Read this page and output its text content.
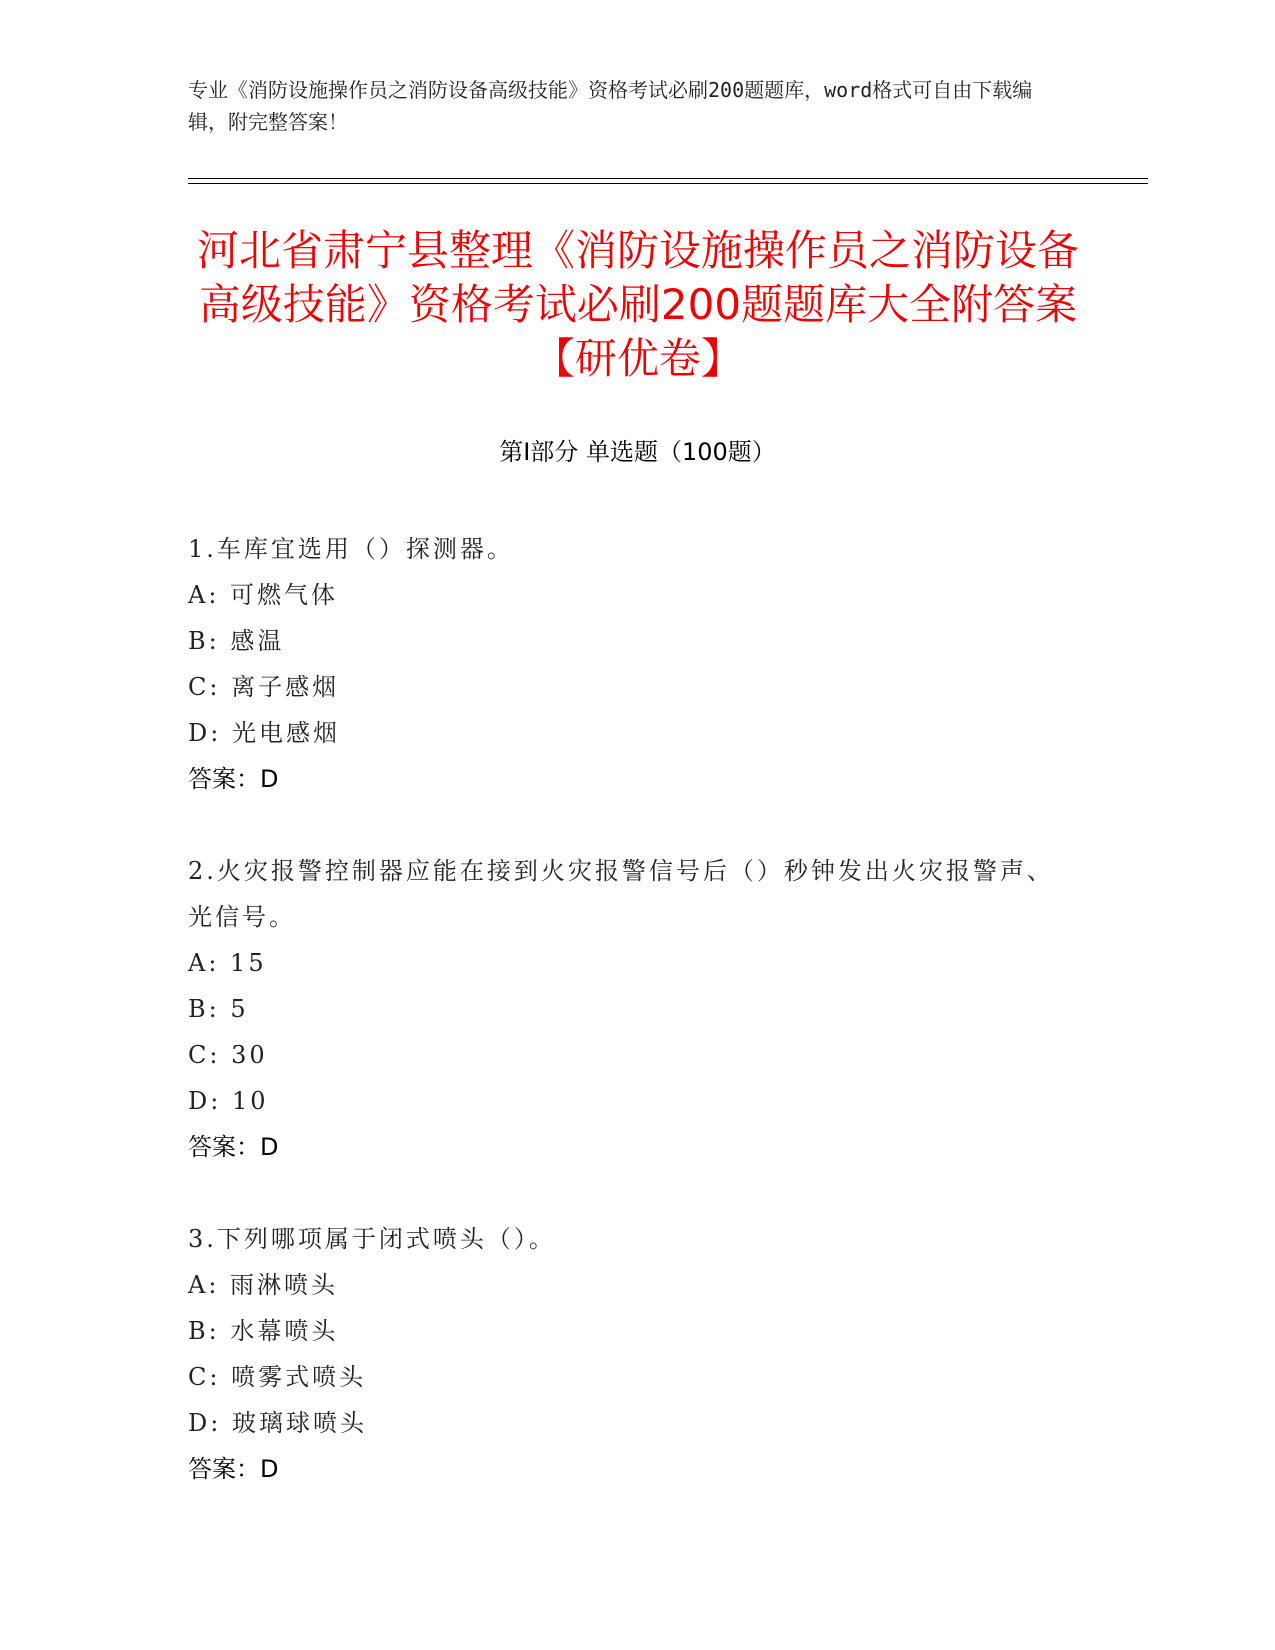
专业《消防设施操作员之消防设备高级技能》资格考试必刷200题题库，word格式可自由下载编辑，附完整答案！
河北省肃宁县整理《消防设施操作员之消防设备高级技能》资格考试必刷200题题库大全附答案【研优卷】
第Ⅰ部分 单选题（100题）
1.车库宜选用（）探测器。
A: 可燃气体
B: 感温
C: 离子感烟
D: 光电感烟
答案：D
2.火灾报警控制器应能在接到火灾报警信号后（）秒钟发出火灾报警声、光信号。
A: 15
B: 5
C: 30
D: 10
答案：D
3.下列哪项属于闭式喷头（）。
A: 雨淋喷头
B: 水幕喷头
C: 喷雾式喷头
D: 玻璃球喷头
答案：D
